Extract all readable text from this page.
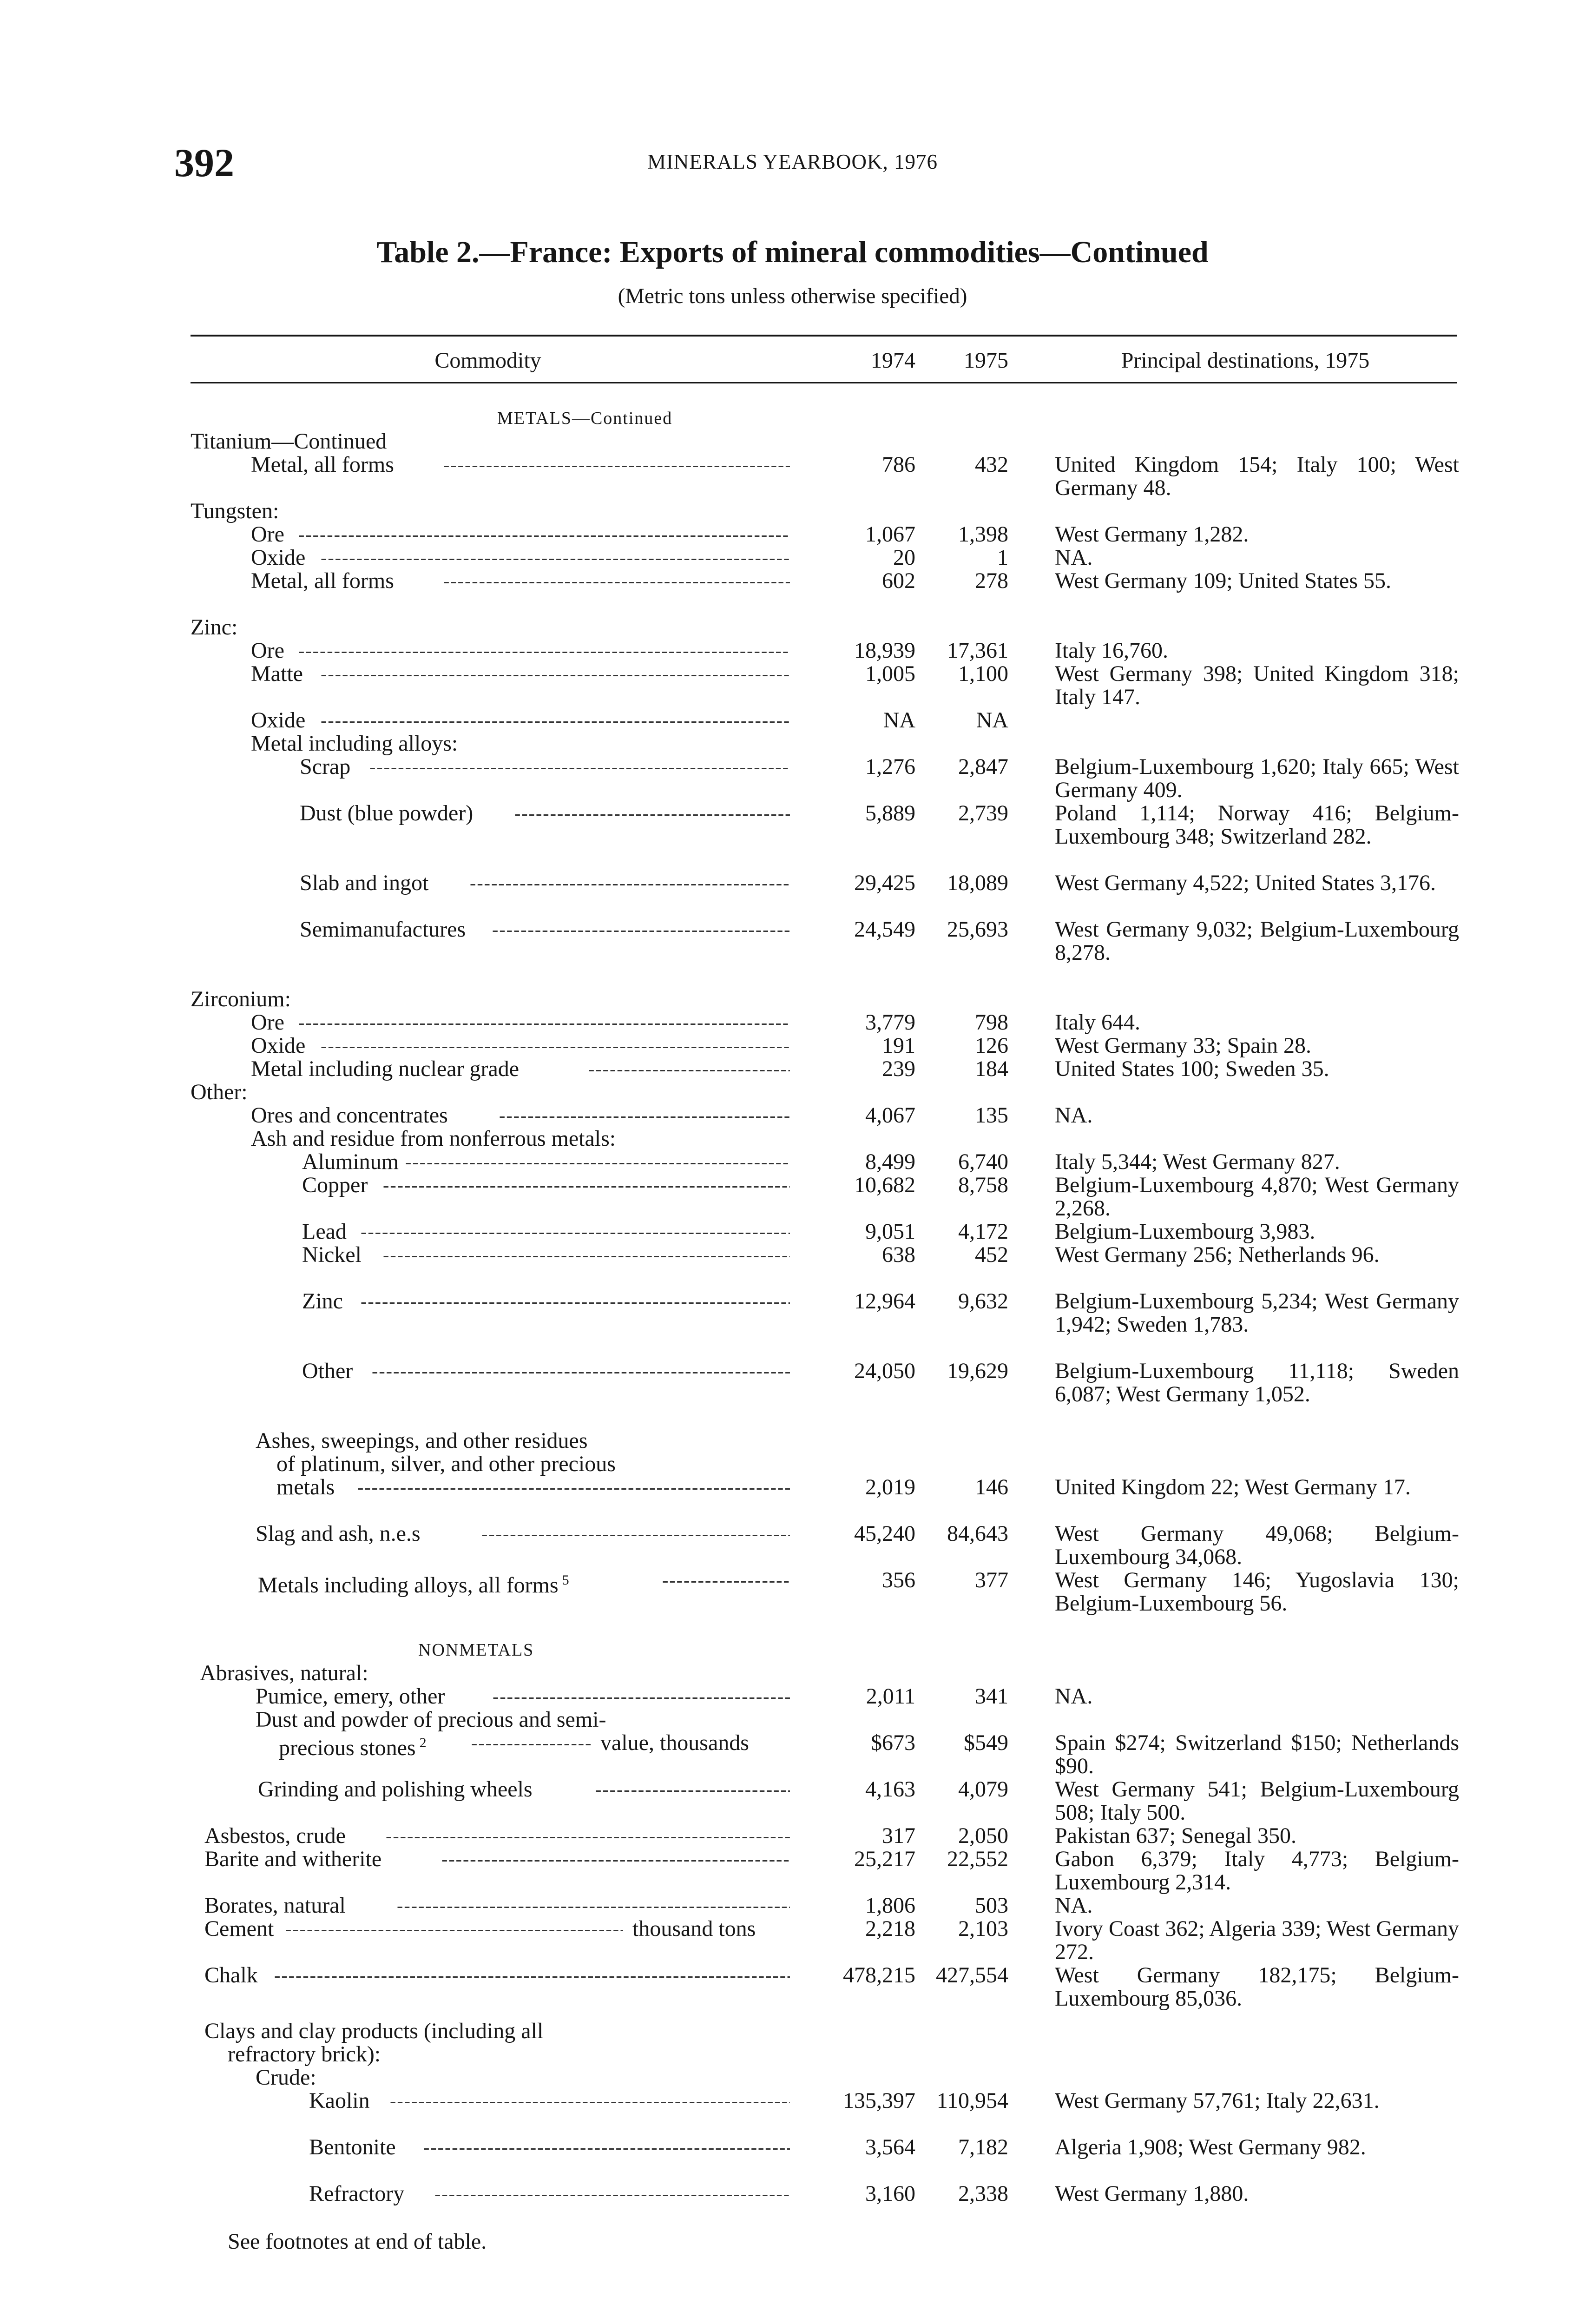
392	MINERALS YEARBOOK, 1976
Table 2.—France: Exports of mineral commodities—Continued
(Metric tons unless otherwise specified)
Commodity	1974	1975	Principal destinations, 1975
METALS—Continued
Titanium—Continued
Metal, all forms -----	786	432 United Kingdom 154; Italy 100; West Germany 48.
Tungsten:
Ore -----	1,067	1,398 West Germany 1,282.
Oxide -----	20	1 NA.
Metal, all forms -----	602	278 West Germany 109; United States 55.
Zinc:
Ore -----	18,939	17,361 Italy 16,760.
Matte -----	1,005	1,100 West Germany 398; United Kingdom 318; Italy 147.
Oxide -----	NA	NA
Metal including alloys:
Scrap -----	1,276	2,847 Belgium-Luxembourg 1,620; Italy 665; West Germany 409.
Dust (blue powder) -----	5,889	2,739 Poland 1,114; Norway 416; Belgium-Luxembourg 348; Switzerland 282.
Slab and ingot -----	29,425	18,089 West Germany 4,522; United States 3,176.
Semimanufactures -----	24,549	25,693 West Germany 9,032; Belgium-Luxembourg 8,278.
Zirconium:
Ore -----	3,779	798 Italy 644.
Oxide -----	191	126 West Germany 33; Spain 28.
Metal including nuclear grade -----	239	184 United States 100; Sweden 35.
Other:
Ores and concentrates -----	4,067	135 NA.
Ash and residue from nonferrous metals:
Aluminum -----	8,499	6,740 Italy 5,344; West Germany 827.
Copper -----	10,682	8,758 Belgium-Luxembourg 4,870; West Germany 2,268.
Lead -----	9,051	4,172 Belgium-Luxembourg 3,983.
Nickel -----	638	452 West Germany 256; Netherlands 96.
Zinc -----	12,964	9,632 Belgium-Luxembourg 5,234; West Germany 1,942; Sweden 1,783.
Other -----	24,050	19,629 Belgium-Luxembourg 11,118; Sweden 6,087; West Germany 1,052.
Ashes, sweepings, and other residues
of platinum, silver, and other precious
metals -----	2,019	146 United Kingdom 22; West Germany 17.
Slag and ash, n.e.s -----	45,240	84,643 West Germany 49,068; Belgium-Luxembourg 34,068.
Metals including alloys, all forms $^5$ -----	356	377 West Germany 146; Yugoslavia 130; Belgium-Luxembourg 56.
NONMETALS
Abrasives, natural:
Pumice, emery, other -----	2,011	341 NA.
Dust and powder of precious and semi-
precious stones $^2$	value, thousands -----	$673	$549 Spain $274; Switzerland $150; Netherlands $90.
Grinding and polishing wheels -----	4,163	4,079 West Germany 541; Belgium-Luxembourg 508; Italy 500.
Asbestos, crude -----	317	2,050 Pakistan 637; Senegal 350.
Barite and witherite -----	25,217	22,552 Gabon 6,379; Italy 4,773; Belgium-Luxembourg 2,314.
Borates, natural -----	1,806	503 NA.
Cement	thousand tons -----	2,218	2,103 Ivory Coast 362; Algeria 339; West Germany 272.
Chalk -----	478,215 427,554 West Germany 182,175; Belgium-Luxembourg 85,036.
Clays and clay products (including all
refractory brick):
Crude:
Kaolin -----	135,397 110,954 West Germany 57,761; Italy 22,631.
Bentonite -----	3,564	7,182 Algeria 1,908; West Germany 982.
Refractory -----	3,160	2,338 West Germany 1,880.
See footnotes at end of table.
